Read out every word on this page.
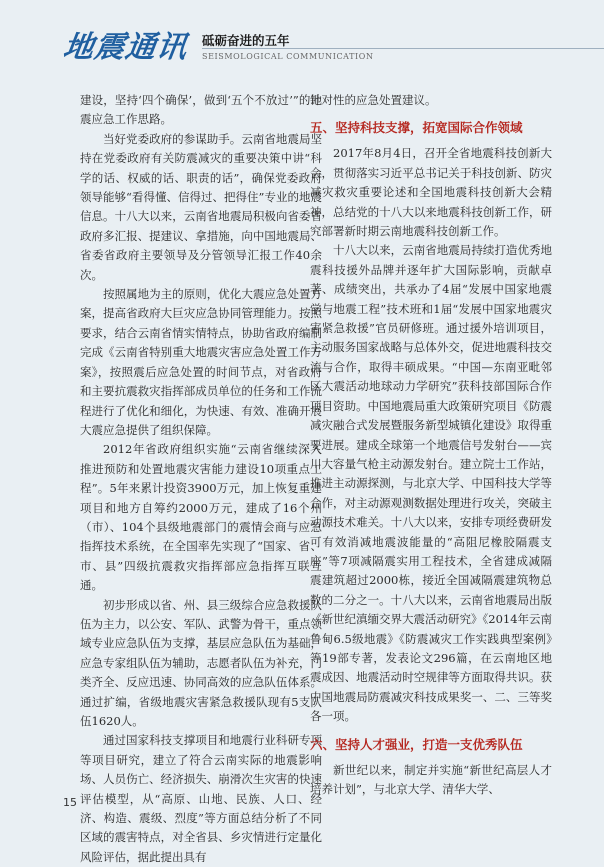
地震通讯 砥砺奋进的五年
SEISMOLOGICAL COMMUNICATION

建设，坚持‘四个确保’，做到‘五个不放过’”的地震应急工作思路。

当好党委政府的参谋助手。云南省地震局坚持在党委政府有关防震减灾的重要决策中讲“科学的话、权威的话、职责的话”，确保党委政府领导能够“看得懂、信得过、把得住”专业的地震信息。十八大以来，云南省地震局积极向省委省政府多汇报、提建议、拿措施，向中国地震局、省委省政府主要领导及分管领导汇报工作40余次。

按照属地为主的原则，优化大震应急处置方案，提高省政府大巨灾应急协同管理能力。按照要求，结合云南省情实情特点，协助省政府编制完成《云南省特别重大地震灾害应急处置工作方案》，按照震后应急处置的时间节点，对省政府和主要抗震救灾指挥部成员单位的任务和工作流程进行了优化和细化，为快速、有效、准确开展大震应急提供了组织保障。

2012年省政府组织实施“云南省继续深入推进预防和处置地震灾害能力建设10项重点工程”。5年来累计投资3900万元，加上恢复重建项目和地方自筹约2000万元，建成了16个州（市）、104个县级地震部门的震情会商与应急指挥技术系统，在全国率先实现了“国家、省、市、县”四级抗震救灾指挥部应急指挥互联互通。

初步形成以省、州、县三级综合应急救援队伍为主力，以公安、军队、武警为骨干，重点领域专业应急队伍为支撑，基层应急队伍为基础，应急专家组队伍为辅助，志愿者队伍为补充，门类齐全、反应迅速、协同高效的应急队伍体系。通过扩编，省级地震灾害紧急救援队现有5支队伍1620人。

通过国家科技支撑项目和地震行业科研专项等项目研究，建立了符合云南实际的地震影响场、人员伤亡、经济损失、崩滑次生灾害的快速评估模型，从“高原、山地、民族、人口、经济、构造、震级、烈度”等方面总结分析了不同区域的震害特点，对全省县、乡灾情进行定量化风险评估，据此提出具有

针对性的应急处置建议。

五、坚持科技支撑，拓宽国际合作领域

2017年8月4日，召开全省地震科技创新大会，贯彻落实习近平总书记关于科技创新、防灾减灾救灾重要论述和全国地震科技创新大会精神，总结党的十八大以来地震科技创新工作，研究部署新时期云南地震科技创新工作。

十八大以来，云南省地震局持续打造优秀地震科技援外品牌并逐年扩大国际影响，贡献卓著、成绩突出，共承办了4届“发展中国家地震学与地震工程”技术班和1届“发展中国家地震灾害紧急救援”官员研修班。通过援外培训项目，主动服务国家战略与总体外交，促进地震科技交流与合作，取得丰硕成果。“中国—东南亚毗邻区大震活动地球动力学研究”获科技部国际合作项目资助。中国地震局重大政策研究项目《防震减灾融合式发展暨服务新型城镇化建设》取得重要进展。建成全球第一个地震信号发射台——宾川大容量气枪主动源发射台。建立院士工作站，推进主动源探测，与北京大学、中国科技大学等合作，对主动源观测数据处理进行攻关，突破主动源技术难关。十八大以来，安排专项经费研发可有效消减地震波能量的“高阻尼橡胶隔震支座”等7项减隔震实用工程技术，全省建成减隔震建筑超过2000栋，接近全国减隔震建筑物总数的二分之一。十八大以来，云南省地震局出版《新世纪滇缅交界大震活动研究》《2014年云南鲁甸6.5级地震》《防震减灾工作实践典型案例》等19部专著，发表论文296篇，在云南地区地震成因、地震活动时空规律等方面取得共识。获中国地震局防震减灾科技成果奖一、二、三等奖各一项。

六、坚持人才强业，打造一支优秀队伍

新世纪以来，制定并实施“新世纪高层人才培养计划”，与北京大学、清华大学、

15
